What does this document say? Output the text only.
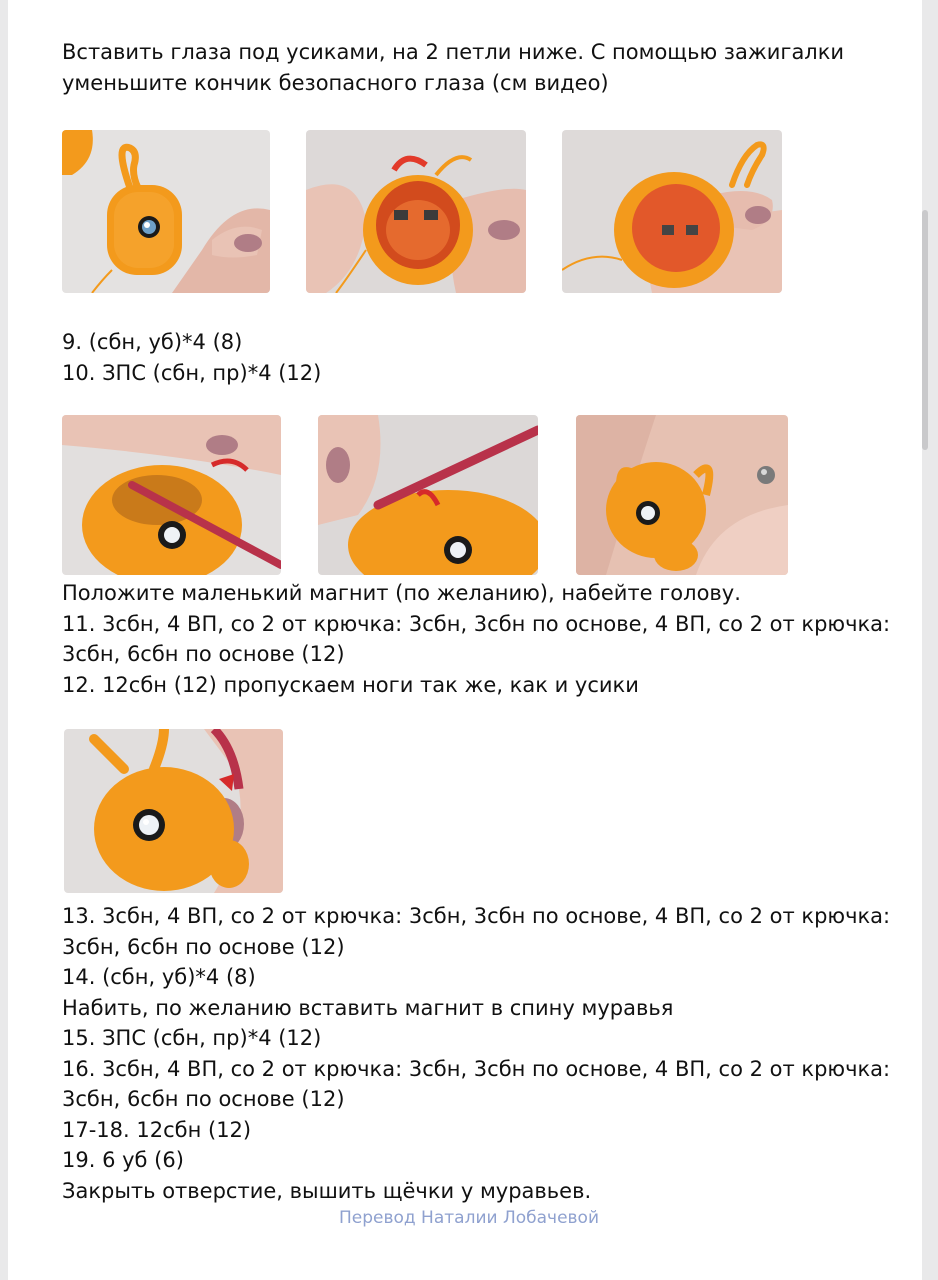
Вставить глаза под усиками, на 2 петли ниже. С помощью зажигалки
уменьшите кончик безопасного глаза (см видео)

9. (сбн, уб)*4 (8)
10. ЗПС (сбн, пр)*4 (12)

Положите маленький магнит (по желанию), набейте голову.
11. 3сбн, 4 ВП, со 2 от крючка: 3сбн, 3сбн по основе, 4 ВП, со 2 от крючка:
3сбн, 6сбн по основе (12)
12. 12сбн (12) пропускаем ноги так же, как и усики

13. 3сбн, 4 ВП, со 2 от крючка: 3сбн, 3сбн по основе, 4 ВП, со 2 от крючка:
3сбн, 6сбн по основе (12)
14. (сбн, уб)*4 (8)
Набить, по желанию вставить магнит в спину муравья
15. ЗПС (сбн, пр)*4 (12)
16. 3сбн, 4 ВП, со 2 от крючка: 3сбн, 3сбн по основе, 4 ВП, со 2 от крючка:
3сбн, 6сбн по основе (12)
17-18. 12сбн (12)
19. 6 уб (6)
Закрыть отверстие, вышить щёчки у муравьев.

Перевод Наталии Лобачевой
